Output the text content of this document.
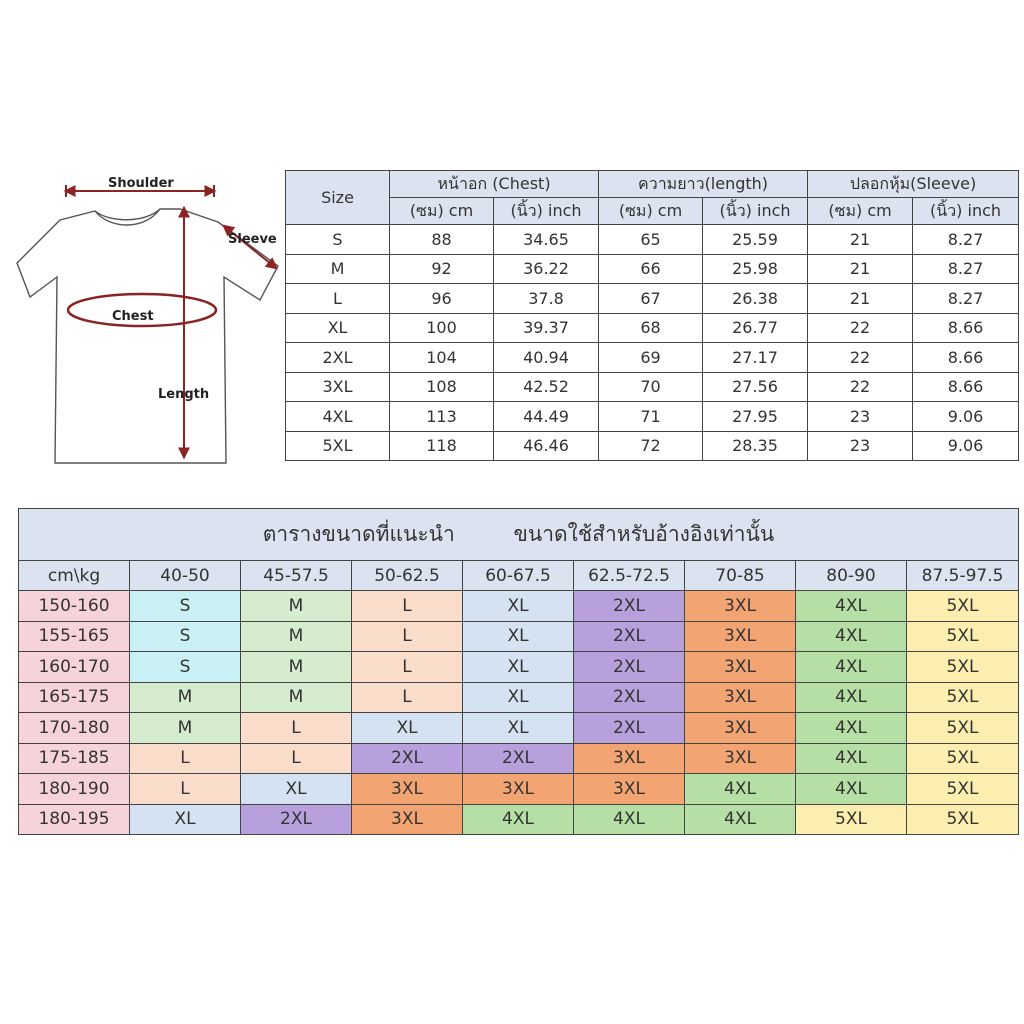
Shoulder
Sleeve
Chest
Length
Size	หน้าอก (Chest)		ความยาว(length)		ปลอกหุ้ม(Sleeve)	
	(ซม) cm	(นิ้ว) inch	(ซม) cm	(นิ้ว) inch	(ซม) cm	(นิ้ว) inch
S	88	34.65	65	25.59	21	8.27
M	92	36.22	66	25.98	21	8.27
L	96	37.8	67	26.38	21	8.27
XL	100	39.37	68	26.77	22	8.66
2XL	104	40.94	69	27.17	22	8.66
3XL	108	42.52	70	27.56	22	8.66
4XL	113	44.49	71	27.95	23	9.06
5XL	118	46.46	72	28.35	23	9.06
ตารางขนาดที่แนะนำ ขนาดใช้สำหรับอ้างอิงเท่านั้น								
cm\kg	40-50	45-57.5	50-62.5	60-67.5	62.5-72.5	70-85	80-90	87.5-97.5
150-160	S	M	L	XL	2XL	3XL	4XL	5XL
155-165	S	M	L	XL	2XL	3XL	4XL	5XL
160-170	S	M	L	XL	2XL	3XL	4XL	5XL
165-175	M	M	L	XL	2XL	3XL	4XL	5XL
170-180	M	L	XL	XL	2XL	3XL	4XL	5XL
175-185	L	L	2XL	2XL	3XL	3XL	4XL	5XL
180-190	L	XL	3XL	3XL	3XL	4XL	4XL	5XL
180-195	XL	2XL	3XL	4XL	4XL	4XL	5XL	5XL
